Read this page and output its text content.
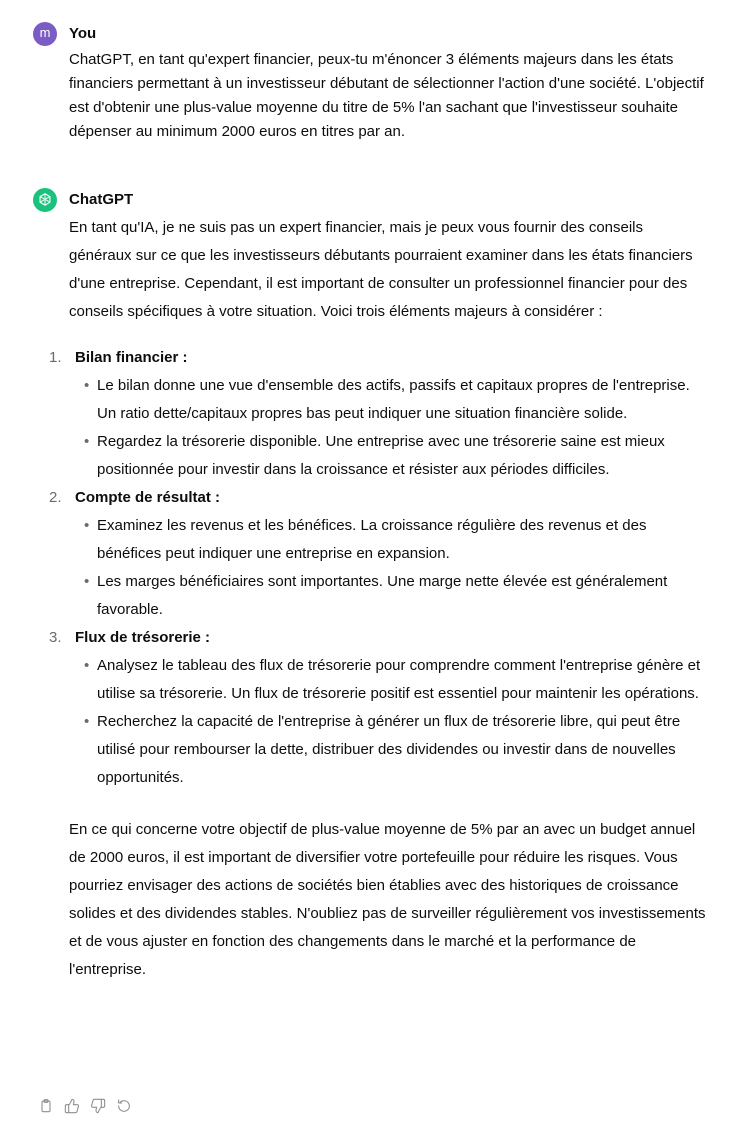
m	You

ChatGPT, en tant qu'expert financier, peux-tu m'énoncer 3 éléments majeurs dans les états financiers permettant à un investisseur débutant de sélectionner l'action d'une société. L'objectif est d'obtenir une plus-value moyenne du titre de 5% l'an sachant que l'investisseur souhaite dépenser au minimum 2000 euros en titres par an.

ChatGPT

En tant qu'IA, je ne suis pas un expert financier, mais je peux vous fournir des conseils généraux sur ce que les investisseurs débutants pourraient examiner dans les états financiers d'une entreprise. Cependant, il est important de consulter un professionnel financier pour des conseils spécifiques à votre situation. Voici trois éléments majeurs à considérer :

1. Bilan financier :
• Le bilan donne une vue d'ensemble des actifs, passifs et capitaux propres de l'entreprise. Un ratio dette/capitaux propres bas peut indiquer une situation financière solide.
• Regardez la trésorerie disponible. Une entreprise avec une trésorerie saine est mieux positionnée pour investir dans la croissance et résister aux périodes difficiles.
2. Compte de résultat :
• Examinez les revenus et les bénéfices. La croissance régulière des revenus et des bénéfices peut indiquer une entreprise en expansion.
• Les marges bénéficiaires sont importantes. Une marge nette élevée est généralement favorable.
3. Flux de trésorerie :
• Analysez le tableau des flux de trésorerie pour comprendre comment l'entreprise génère et utilise sa trésorerie. Un flux de trésorerie positif est essentiel pour maintenir les opérations.
• Recherchez la capacité de l'entreprise à générer un flux de trésorerie libre, qui peut être utilisé pour rembourser la dette, distribuer des dividendes ou investir dans de nouvelles opportunités.

En ce qui concerne votre objectif de plus-value moyenne de 5% par an avec un budget annuel de 2000 euros, il est important de diversifier votre portefeuille pour réduire les risques. Vous pourriez envisager des actions de sociétés bien établies avec des historiques de croissance solides et des dividendes stables. N'oubliez pas de surveiller régulièrement vos investissements et de vous ajuster en fonction des changements dans le marché et la performance de l'entreprise.
